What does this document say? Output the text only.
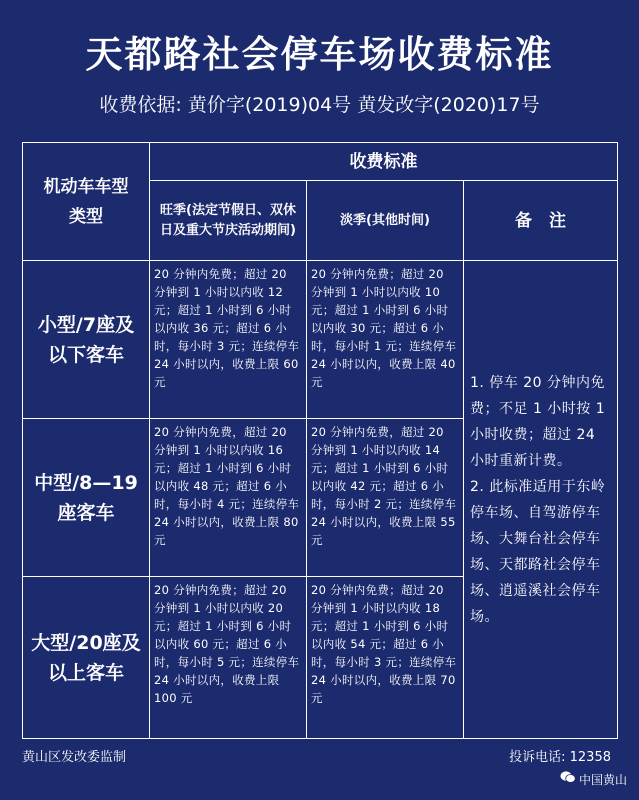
天都路社会停车场收费标准
收费依据: 黄价字(2019)04号 黄发改字(2020)17号
机动车车型类型	收费标准		
	旺季(法定节假日、双休日及重大节庆活动期间)	淡季(其他时间)	备　注
小型/7座及以下客车	20 分钟内免费；超过 20 分钟到 1 小时以内收 12 元；超过 1 小时到 6 小时以内收 36 元；超过 6 小时，每小时 3 元；连续停车 24 小时以内，收费上限 60 元	20 分钟内免费；超过 20 分钟到 1 小时以内收 10 元；超过 1 小时到 6 小时以内收 30 元；超过 6 小时，每小时 1 元；连续停车 24 小时以内，收费上限 40 元	1. 停车 20 分钟内免费；不足 1 小时按 1 小时收费；超过 24 小时重新计费。
2. 此标准适用于东岭停车场、自驾游停车场、大舞台社会停车场、天都路社会停车场、逍遥溪社会停车场。

中型/8—19座客车	20 分钟内免费，超过 20 分钟到 1 小时以内收 16 元；超过 1 小时到 6 小时以内收 48 元；超过 6 小时，每小时 4 元；连续停车 24 小时以内，收费上限 80 元	20 分钟内免费，超过 20 分钟到 1 小时以内收 14 元；超过 1 小时到 6 小时以内收 42 元；超过 6 小时，每小时 2 元；连续停车 24 小时以内，收费上限 55 元	
大型/20座及以上客车	20 分钟内免费；超过 20 分钟到 1 小时以内收 20 元；超过 1 小时到 6 小时以内收 60 元；超过 6 小时，每小时 5 元；连续停车 24 小时以内，收费上限 100 元	20 分钟内免费；超过 20 分钟到 1 小时以内收 18 元；超过 1 小时到 6 小时以内收 54 元；超过 6 小时，每小时 3 元；连续停车 24 小时以内，收费上限 70 元	
黄山区发改委监制	投诉电话: 12358
中国黄山
